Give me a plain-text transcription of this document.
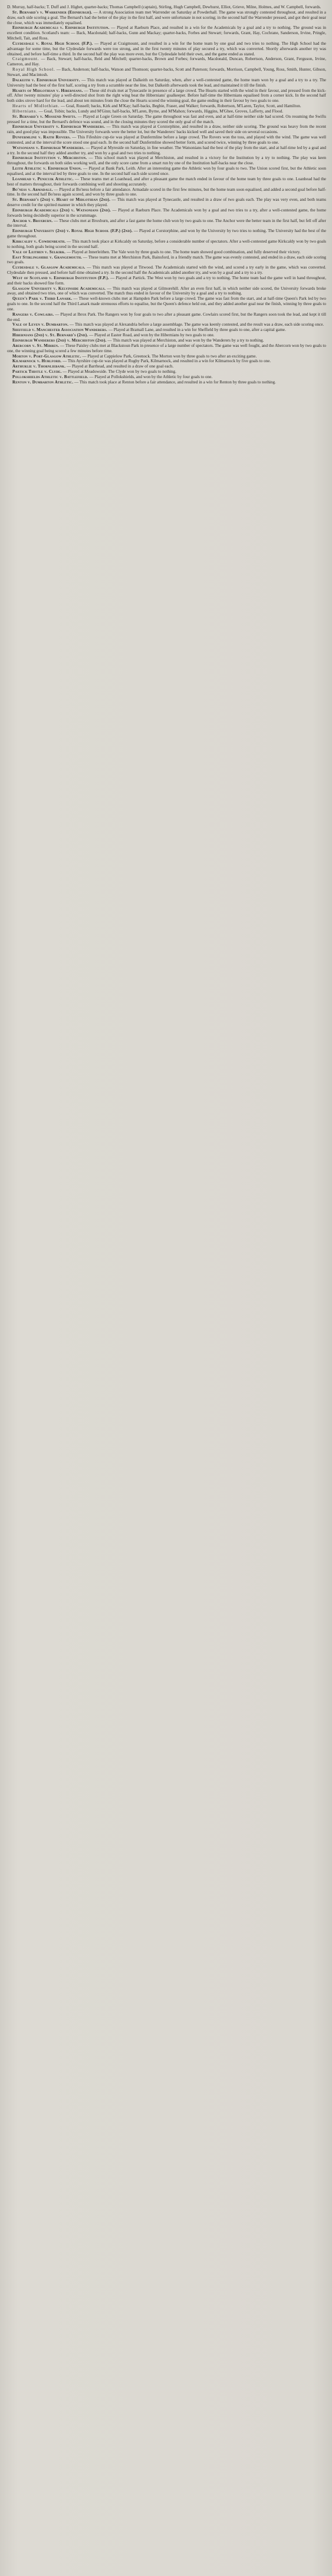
D. Murray, half-backs; T. Duff and J. Highet, quarter-backs; Thomas Campbell (captain), Stirling, Hugh Campbell, Dewhurst, Elliot, Grieve, Milne, Holmes, and W. Campbell, forwards.

St. Bernard's v. Warrender (Edinburgh). — A strong Association team met Warrender on Saturday at Powderhall. The game was strongly contested throughout, and resulted in a draw, each side scoring a goal. The Bernard's had the better of the play in the first half, and were unfortunate in not scoring; in the second half the Warrender pressed, and got their goal near the close, which was immediately equalised.

Edinburgh Academicals v. Edinburgh Institution. — Played at Raeburn Place, and resulted in a win for the Academicals by a goal and a try to nothing. The ground was in excellent condition. Scotland's team: — Back, Macdonald; half-backs, Gunn and Mackay; quarter-backs, Forbes and Stewart; forwards, Grant, Hay, Cochrane, Sanderson, Irvine, Pringle, Mitchell, Tait, and Ross.

Clydesdale v. Royal High School (F.P.). — Played at Craigmount, and resulted in a win for the home team by one goal and two tries to nothing. The High School had the advantage for some time, but the Clydesdale forwards were too strong, and in the first twenty minutes of play secured a try, which was converted. Shortly afterwards another try was obtained, and before half-time a third. In the second half the play was more even, but the Clydesdale held their own, and the game ended as stated.

Craigmount. — Back, Stewart; half-backs, Reid and Mitchell; quarter-backs, Brown and Forbes; forwards, Macdonald, Duncan, Robertson, Anderson, Grant, Ferguson, Irvine, Cameron, and Hay.

Royal High School. — Back, Anderson; half-backs, Watson and Thomson; quarter-backs, Scott and Paterson; forwards, Morrison, Campbell, Young, Ross, Smith, Hunter, Gibson, Stewart, and Macintosh.

Dalkeith v. Edinburgh University. — This match was played at Dalkeith on Saturday, when, after a well-contested game, the home team won by a goal and a try to a try. The University had the best of the first half, scoring a try from a scramble near the line, but Dalkeith afterwards took the lead, and maintained it till the finish.

Hearts of Midlothian v. Hibernians. — These old rivals met at Tynecastle in presence of a large crowd. The Hearts started with the wind in their favour, and pressed from the kick-off. After twenty minutes' play a well-directed shot from the right wing beat the Hibernians' goalkeeper. Before half-time the Hibernians equalised from a corner kick. In the second half both sides strove hard for the lead, and about ten minutes from the close the Hearts scored the winning goal, the game ending in their favour by two goals to one.

Hearts of Midlothian. — Goal, Russell; backs, Kirk and M'Kay; half-backs, Begbie, Fraser, and Walker; forwards, Robertson, M'Laren, Taylor, Scott, and Hamilton.

Hibernians. — Goal, Tobin; backs, Lundy and M'Ginn; half-backs, M'Laren, Byrne, and M'Mahon; forwards, Higgins, M'Ghee, Groves, Lafferty, and Flood.

St. Bernard's v. Mossend Swifts. — Played at Logie Green on Saturday. The game throughout was fast and even, and at half-time neither side had scored. On resuming the Swifts pressed for a time, but the Bernard's defence was sound, and in the closing minutes they scored the only goal of the match.

Edinburgh University v. Edinburgh Wanderers. — This match was played at Corstorphine, and resulted in a draw, neither side scoring. The ground was heavy from the recent rain, and good play was impossible. The University forwards were the better lot, but the Wanderers' backs kicked well and saved their side on several occasions.

Dunfermline v. Raith Rovers. — This Fifeshire cup-tie was played at Dunfermline before a large crowd. The Rovers won the toss, and played with the wind. The game was well contested, and at the interval the score stood one goal each. In the second half Dunfermline showed better form, and scored twice, winning by three goals to one.

Watsonians v. Edinburgh Wanderers. — Played at Myreside on Saturday, in fine weather. The Watsonians had the best of the play from the start, and at half-time led by a goal and a try. In the second half they added another try, and won by a goal and two tries to nothing.

Edinburgh Institution v. Merchiston. — This school match was played at Merchiston, and resulted in a victory for the Institution by a try to nothing. The play was keen throughout, the forwards on both sides working well, and the only score came from a smart run by one of the Institution half-backs near the close.

Leith Athletic v. Edinburgh Union. — Played at Bank Park, Leith. After an interesting game the Athletic won by four goals to two. The Union scored first, but the Athletic soon equalised, and at the interval led by three goals to one. In the second half each side scored once.

Loanhead v. Penicuik Athletic. — These teams met at Loanhead, and after a pleasant game the match ended in favour of the home team by three goals to one. Loanhead had the best of matters throughout, their forwards combining well and shooting accurately.

Bo'ness v. Armadale. — Played at Bo'ness before a fair attendance. Armadale scored in the first few minutes, but the home team soon equalised, and added a second goal before half-time. In the second half Bo'ness again scored, and won by three goals to one.

St. Bernard's (2nd) v. Heart of Midlothian (2nd). — This match was played at Tynecastle, and resulted in a draw of two goals each. The play was very even, and both teams deserve credit for the spirited manner in which they played.

Edinburgh Academicals (2nd) v. Watsonians (2nd). — Played at Raeburn Place. The Academicals won by a goal and two tries to a try, after a well-contested game, the home forwards being decidedly superior in the scrummage.

Anchor v. Broxburn. — These clubs met at Broxburn, and after a fast game the home club won by two goals to one. The Anchor were the better team in the first half, but fell off after the interval.

Edinburgh University (2nd) v. Royal High School (F.P.) (2nd). — Played at Corstorphine, and won by the University by two tries to nothing. The University had the best of the game throughout.

Kirkcaldy v. Cowdenbeath. — This match took place at Kirkcaldy on Saturday, before a considerable number of spectators. After a well-contested game Kirkcaldy won by two goals to nothing, both goals being scored in the second half.

Vale of Leithen v. Selkirk. — Played at Innerleithen. The Vale won by three goals to one. The home team showed good combination, and fully deserved their victory.

East Stirlingshire v. Grangemouth. — These teams met at Merchiston Park, Bainsford, in a friendly match. The game was evenly contested, and ended in a draw, each side scoring two goals.

Clydesdale v. Glasgow Academicals. — This match was played at Titwood. The Academicals started with the wind, and scored a try early in the game, which was converted. Clydesdale then pressed, and before half-time obtained a try. In the second half the Academicals added another try, and won by a goal and a try to a try.

West of Scotland v. Edinburgh Institution (F.P.). — Played at Partick. The West won by two goals and a try to nothing. The home team had the game well in hand throughout, and their backs showed fine form.

Glasgow University v. Kelvinside Academicals. — This match was played at Gilmorehill. After an even first half, in which neither side scored, the University forwards broke away, and obtained two tries, one of which was converted. The match thus ended in favour of the University by a goal and a try to nothing.

Queen's Park v. Third Lanark. — These well-known clubs met at Hampden Park before a large crowd. The game was fast from the start, and at half-time Queen's Park led by two goals to one. In the second half the Third Lanark made strenuous efforts to equalise, but the Queen's defence held out, and they added another goal near the finish, winning by three goals to one.

Rangers v. Cowlairs. — Played at Ibrox Park. The Rangers won by four goals to two after a pleasant game. Cowlairs scored first, but the Rangers soon took the lead, and kept it till the end.

Vale of Leven v. Dumbarton. — This match was played at Alexandria before a large assemblage. The game was keenly contested, and the result was a draw, each side scoring once.

Sheffield v. Manchester Association Wanderers. — Played at Bramall Lane, and resulted in a win for Sheffield by three goals to one, after a capital game.

Hibernians (2nd) v. St. Bernard's (2nd). — Played at Easter Road, and won by the Hibernians by two goals to one.

Edinburgh Wanderers (2nd) v. Merchiston (2nd). — This match was played at Merchiston, and was won by the Wanderers by a try to nothing.

Abercorn v. St. Mirren. — These Paisley clubs met at Blackstoun Park in presence of a large number of spectators. The game was well fought, and the Abercorn won by two goals to one, the winning goal being scored a few minutes before time.

Morton v. Port-Glasgow Athletic. — Played at Cappielow Park, Greenock. The Morton won by three goals to two after an exciting game.

Kilmarnock v. Hurlford. — This Ayrshire cup-tie was played at Rugby Park, Kilmarnock, and resulted in a win for Kilmarnock by five goals to one.

Arthurlie v. Thornliebank. — Played at Barrhead, and resulted in a draw of one goal each.

Partick Thistle v. Clyde. — Played at Meadowside. The Clyde won by two goals to nothing.

Pollokshields Athletic v. Battlefield. — Played at Pollokshields, and won by the Athletic by four goals to one.

Renton v. Dumbarton Athletic. — This match took place at Renton before a fair attendance, and resulted in a win for Renton by three goals to nothing.
